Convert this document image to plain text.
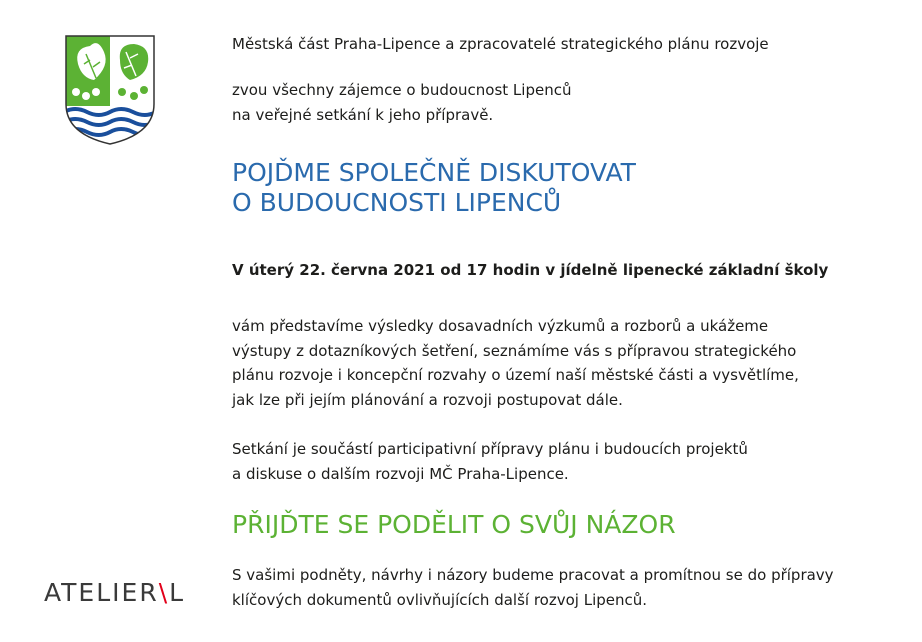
ATELIER\L
Městská část Praha-Lipence a zpracovatelé strategického plánu rozvoje
zvou všechny zájemce o budoucnost Lipenců
na veřejné setkání k jeho přípravě.
POJĎME SPOLEČNĚ DISKUTOVAT
O BUDOUCNOSTI LIPENCŮ
V úterý 22. června 2021 od 17 hodin v jídelně lipenecké základní školy
vám představíme výsledky dosavadních výzkumů a rozborů a ukážeme
výstupy z dotazníkových šetření, seznámíme vás s přípravou strategického
plánu rozvoje i koncepční rozvahy o území naší městské části a vysvětlíme,
jak lze při jejím plánování a rozvoji postupovat dále.
Setkání je součástí participativní přípravy plánu i budoucích projektů
a diskuse o dalším rozvoji MČ Praha-Lipence.
PŘIJĎTE SE PODĚLIT O SVŮJ NÁZOR
S vašimi podněty, návrhy i názory budeme pracovat a promítnou se do přípravy
klíčových dokumentů ovlivňujících další rozvoj Lipenců.
